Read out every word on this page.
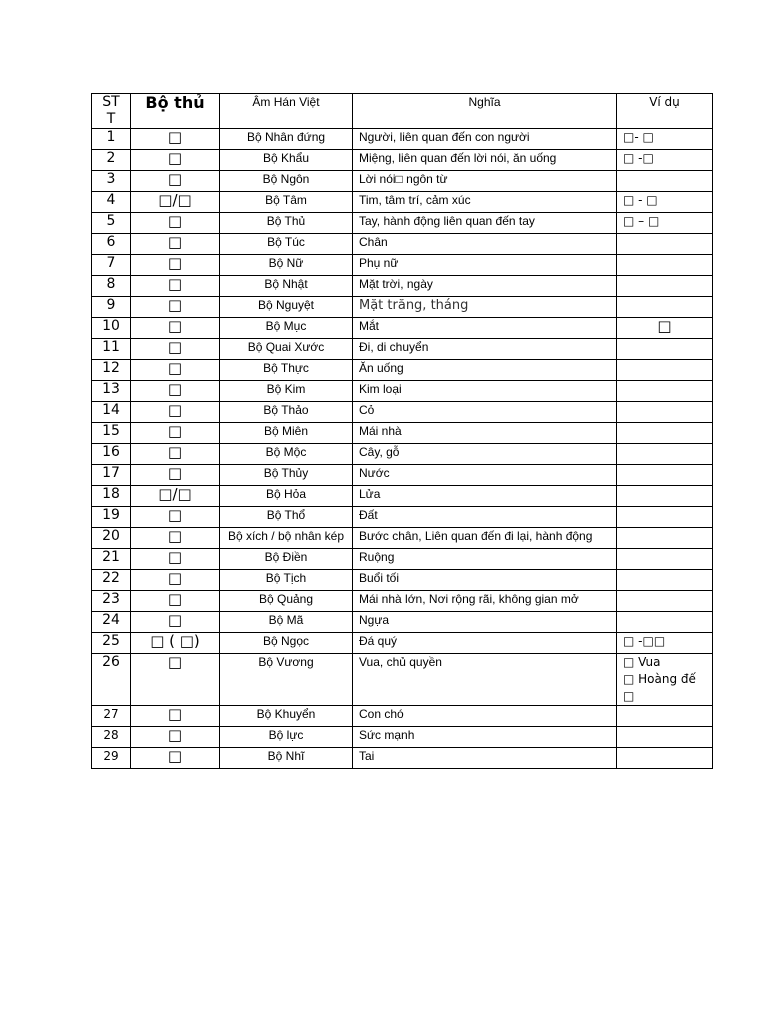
ST T	Bộ thủ	Âm Hán Việt	Nghĩa	Ví dụ
1	□	Bộ Nhân đứng	Người, liên quan đến con người	□- □
2	□	Bộ Khẩu	Miệng, liên quan đến lời nói, ăn uống	□ -□
3	□	Bộ Ngôn	Lời nói□ ngôn từ	
4	□/□	Bộ Tâm	Tim, tâm trí, cảm xúc	□ - □
5	□	Bộ Thủ	Tay, hành động liên quan đến tay	□ – □
6	□	Bộ Túc	Chân	
7	□	Bộ Nữ	Phụ nữ	
8	□	Bộ Nhật	Mặt trời, ngày	
9	□	Bộ Nguyệt	Mặt trăng, tháng	
10	□	Bộ Mục	Mắt	□
11	□	Bộ Quai Xước	Đi, di chuyển	
12	□	Bộ Thực	Ăn uống	
13	□	Bộ Kim	Kim loại	
14	□	Bộ Thảo	Cỏ	
15	□	Bộ Miên	Mái nhà	
16	□	Bộ Mộc	Cây, gỗ	
17	□	Bộ Thủy	Nước	
18	□/□	Bộ Hỏa	Lửa	
19	□	Bộ Thổ	Đất	
20	□	Bộ xích / bộ nhân kép	Bước chân, Liên quan đến đi lại, hành động	
21	□	Bộ Điền	Ruộng	
22	□	Bộ Tịch	Buổi tối	
23	□	Bộ Quảng	Mái nhà lớn, Nơi rộng rãi, không gian mở	
24	□	Bộ Mã	Ngựa	
25	□ ( □)	Bộ Ngọc	Đá quý	□ -□□
26	□	Bộ Vương	Vua, chủ quyền	□ Vua
□ Hoàng đế
□

27	□	Bộ Khuyển	Con chó	
28	□	Bộ lực	Sức mạnh	
29	□	Bộ Nhĩ	Tai	
